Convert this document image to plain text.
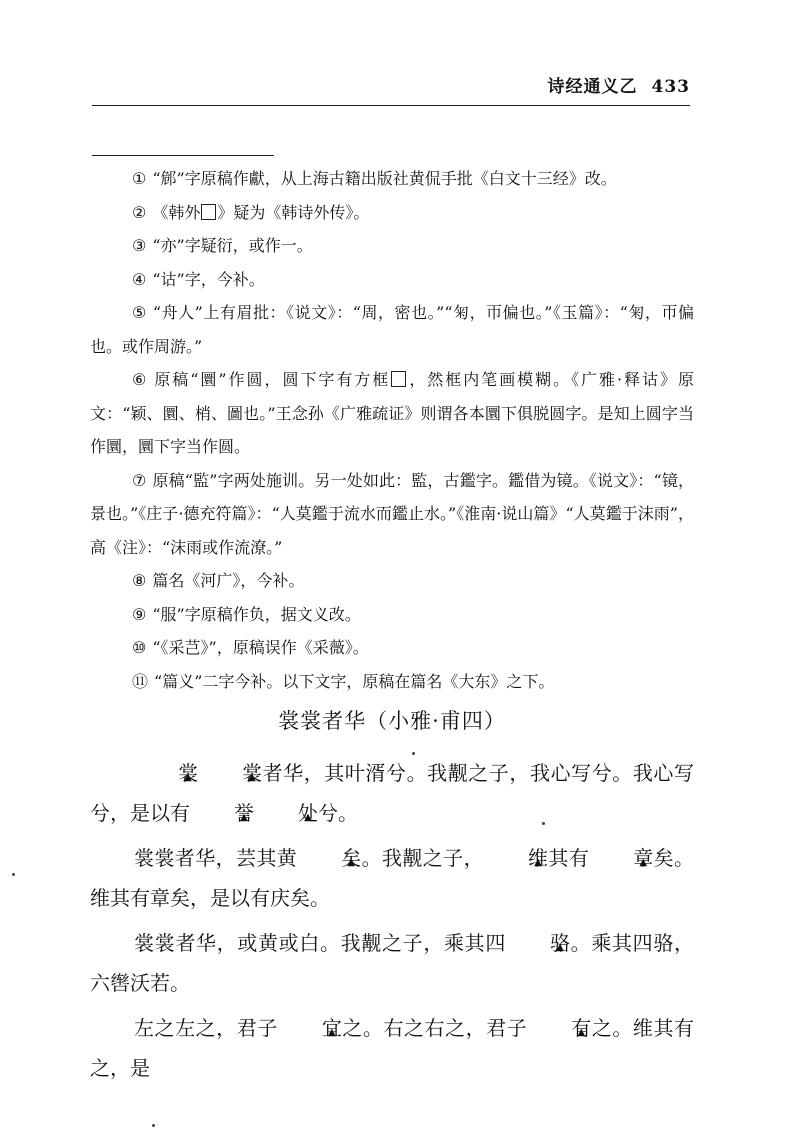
诗经通义乙 433

① “䣀”字原稿作獻，从上海古籍出版社黄侃手批《白文十三经》改。

② 《韩外 》疑为《韩诗外传》。

③ “亦”字疑衍，或作一。

④ “诂”字，今补。

⑤ “舟人”上有眉批：《说文》：“周，密也。”“匊，帀偏也。”《玉篇》：“匊，帀偏也。或作周游。”

⑥ 原稿“圜”作圆，圆下字有方框 ，然框内笔画模糊。《广雅·释诂》原文：“颖、圜、梢、圖也。”王念孙《广雅疏证》则谓各本圜下俱脱圆字。是知上圆字当作圜，圜下字当作圆。

⑦ 原稿“監”字两处施训。另一处如此：監，古鑑字。鑑借为镜。《说文》：“镜，景也。”《庄子·德充符篇》：“人莫鑑于流水而鑑止水。”《淮南·说山篇》“人莫鑑于沫雨”，高《注》：“沫雨或作流潦。”

⑧ 篇名《河广》，今补。

⑨ “服”字原稿作负，据文义改。

⑩ “《采芑》”，原稿误作《采薇》。

⑪ “篇义”二字今补。以下文字，原稿在篇名《大东》之下。

裳裳者华（小雅·甫四）

裳 ▲ 裳 ▲者华，其叶湑兮。我觏之子，我心写兮。我心写兮，是以有 誉 ▲ 处 ▲兮。

裳裳者华，芸其黄 矣 ▲。我觏之子， 维 ▲其有 章 ▲矣。维其有章矣，是以有庆矣。

裳裳者华，或黄或白。我觏之子，乘其四 骆 ▲。乘其四骆，六辔沃若。

左之左之，君子 宜 ▲之。右之右之，君子 有 ▲之。维其有之，是
